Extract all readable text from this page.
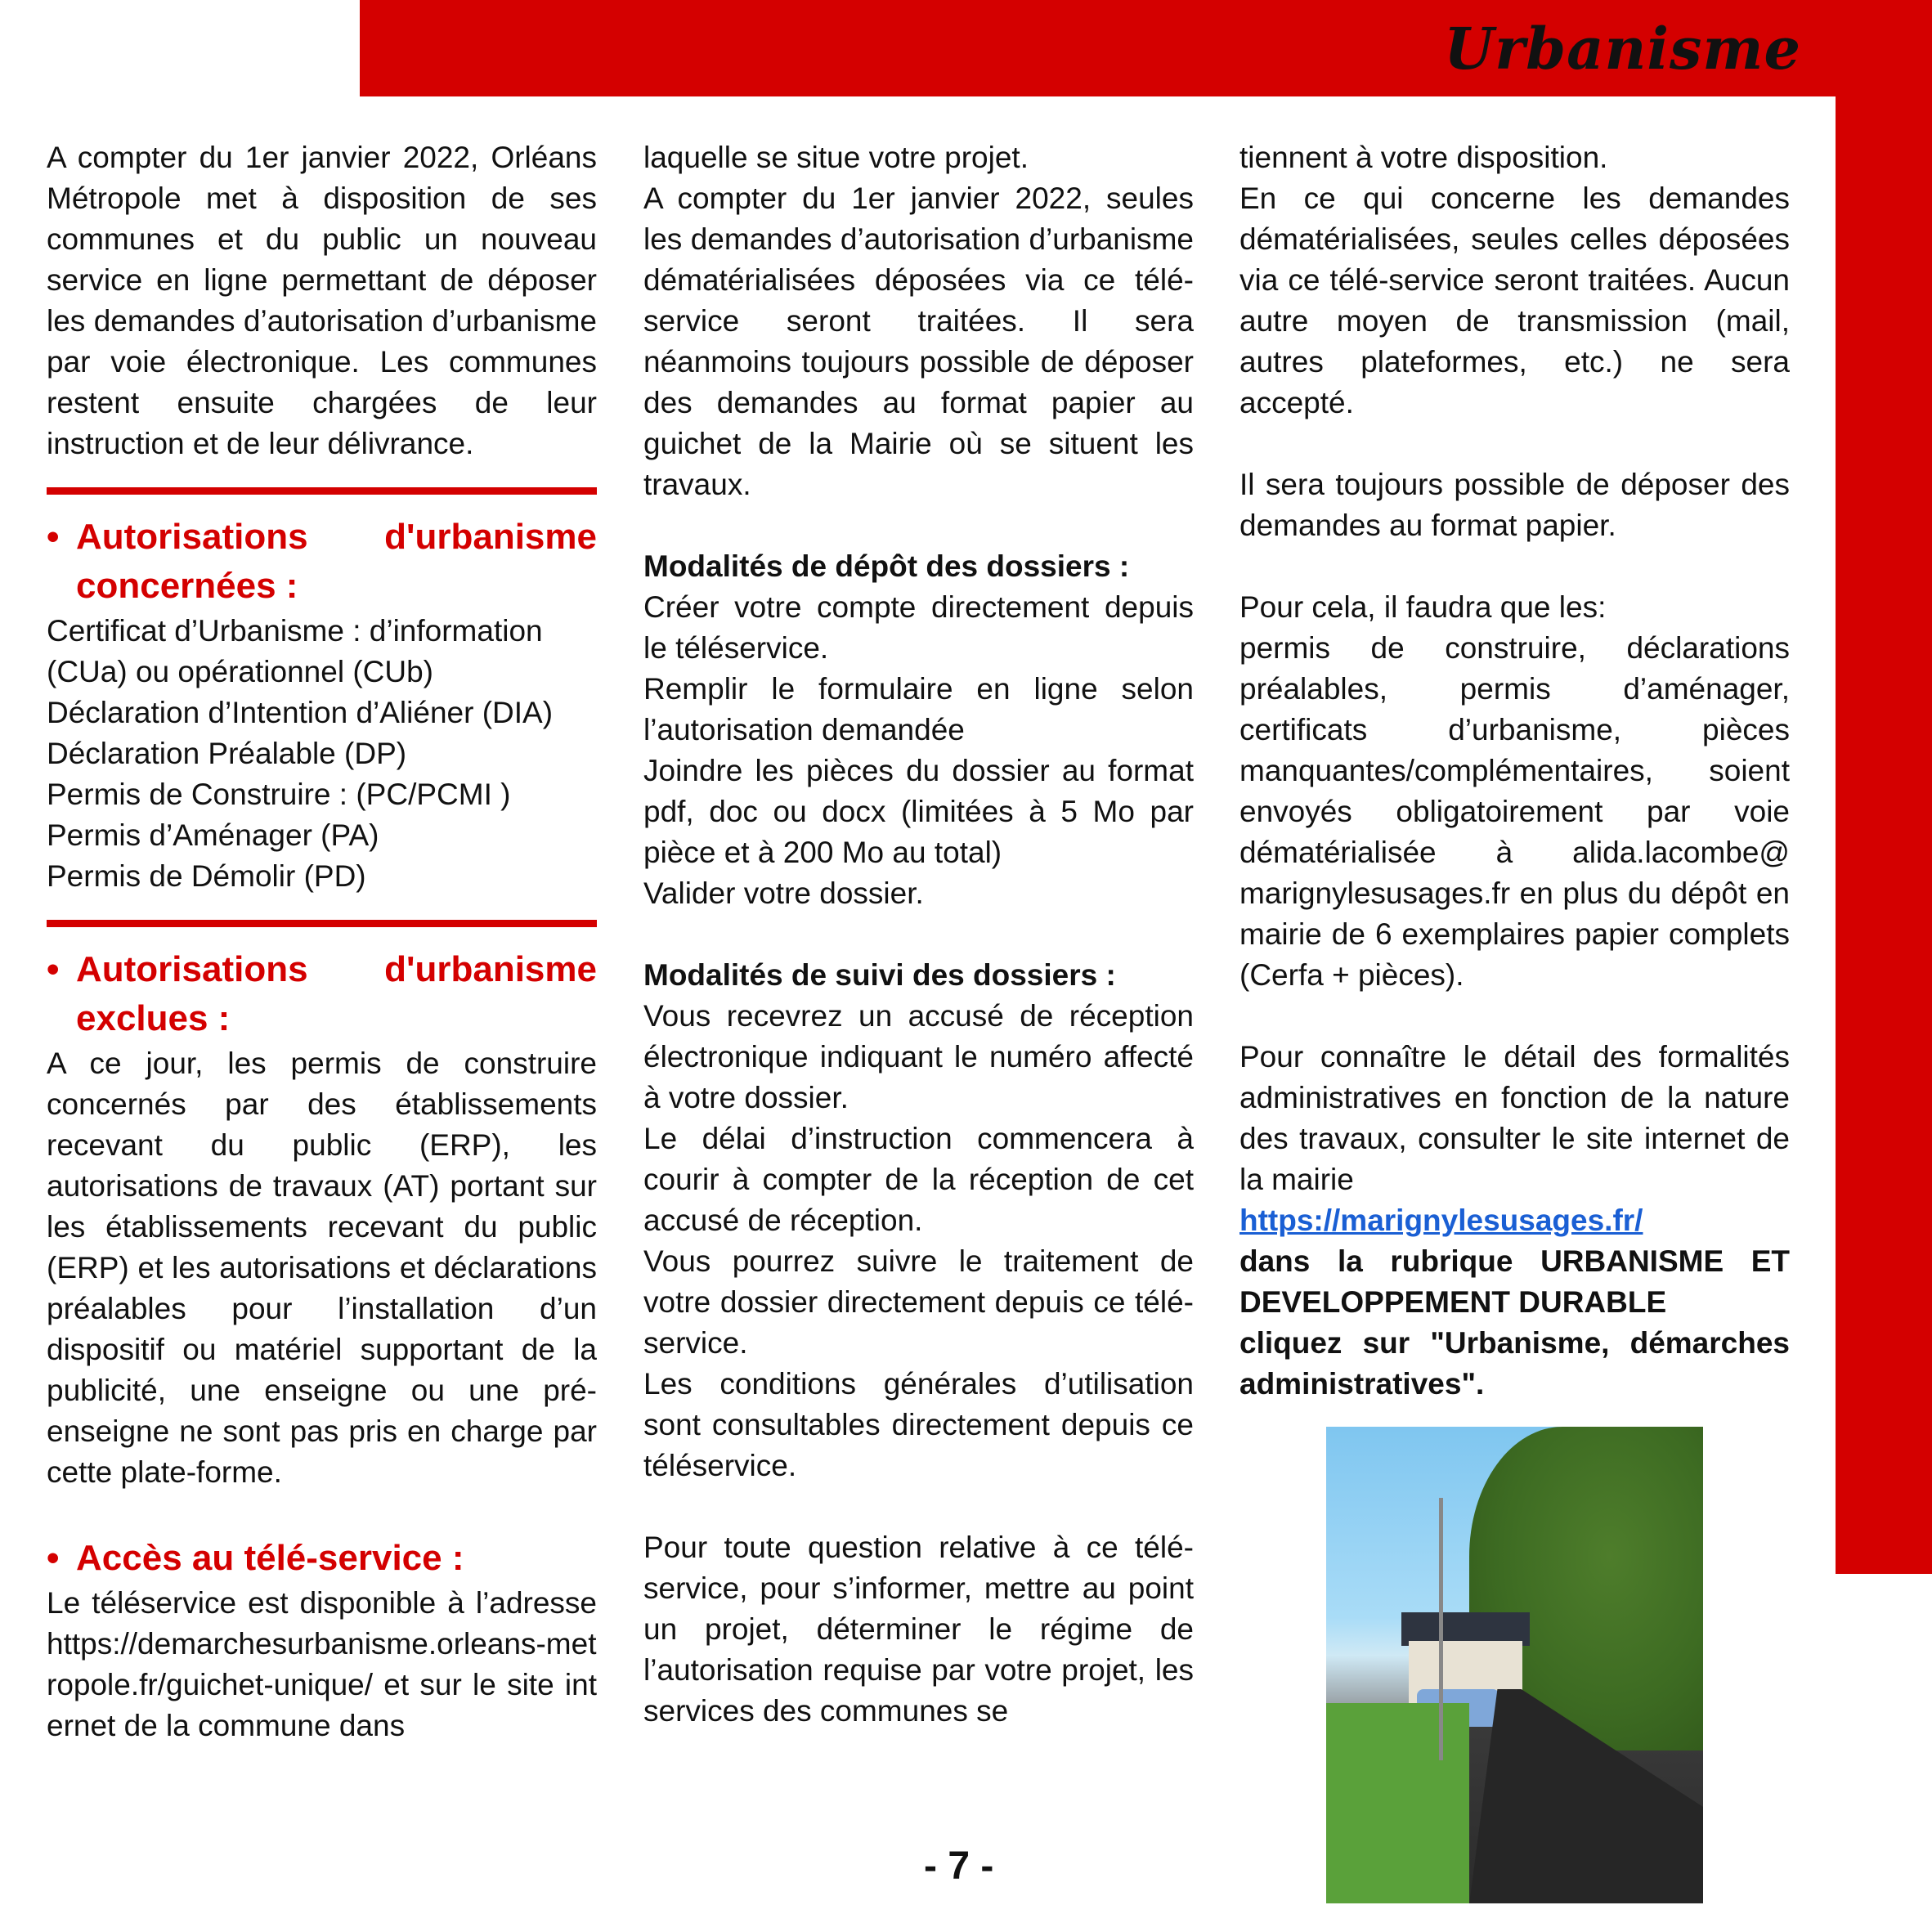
Urbanisme

A compter du 1er janvier 2022, Orléans Métropole met à disposition de ses communes et du public un nouveau service en ligne permettant de déposer les demandes d’autorisation d’urbanisme par voie électronique. Les communes restent ensuite chargées de leur instruction et de leur délivrance.

• Autorisations d'urbanisme concernées :

Certificat d’Urbanisme : d’information (CUa) ou opérationnel (CUb)

Déclaration d’Intention d’Aliéner (DIA)

Déclaration Préalable (DP)

Permis de Construire : (PC/PCMI )

Permis d’Aménager (PA)

Permis de Démolir (PD)

• Autorisations d'urbanisme exclues :

A ce jour, les permis de construire concernés par des établissements recevant du public (ERP), les autorisations de travaux (AT) portant sur les établissements recevant du public (ERP) et les autorisations et déclarations préalables pour l’installation d’un dispositif ou matériel supportant de la publicité, une enseigne ou une pré-enseigne ne sont pas pris en charge par cette plate-forme.

• Accès au télé-service :

Le téléservice est disponible à l’adresse https://demarchesurbanisme.orleans-metropole.fr/guichet-unique/ et sur le site internet de la commune dans

laquelle se situe votre projet.

A compter du 1er janvier 2022, seules les demandes d’autorisation d’urbanisme dématérialisées déposées via ce télé-service seront traitées. Il sera néanmoins toujours possible de déposer des demandes au format papier au guichet de la Mairie où se situent les travaux.

Modalités de dépôt des dossiers :

Créer votre compte directement depuis le téléservice.

Remplir le formulaire en ligne selon l’autorisation demandée

Joindre les pièces du dossier au format pdf, doc ou docx (limitées à 5 Mo par pièce et à 200 Mo au total)

Valider votre dossier.

Modalités de suivi des dossiers :

Vous recevrez un accusé de réception électronique indiquant le numéro affecté à votre dossier.

Le délai d’instruction commencera à courir à compter de la réception de cet accusé de réception.

Vous pourrez suivre le traitement de votre dossier directement depuis ce télé-service.

Les conditions générales d’utilisation sont consultables directement depuis ce téléservice.

Pour toute question relative à ce télé-service, pour s’informer, mettre au point un projet, déterminer le régime de l’autorisation requise par votre projet, les services des communes se

tiennent à votre disposition.

En ce qui concerne les demandes dématérialisées, seules celles déposées via ce télé-service seront traitées. Aucun autre moyen de transmission (mail, autres plateformes, etc.) ne sera accepté.

Il sera toujours possible de déposer des demandes au format papier.

Pour cela, il faudra que les:

permis de construire, déclarations préalables, permis d’aménager, certificats d’urbanisme, pièces manquantes/complémentaires, soient envoyés obligatoirement par voie dématérialisée à alida.lacombe@ marignylesusages.fr en plus du dépôt en mairie de 6 exemplaires papier complets (Cerfa + pièces).

Pour connaître le détail des formalités administratives en fonction de la nature des travaux, consulter le site internet de la mairie

https://marignylesusages.fr/

dans la rubrique URBANISME ET DEVELOPPEMENT DURABLE

cliquez sur "Urbanisme, démarches administratives".

- 7 -
